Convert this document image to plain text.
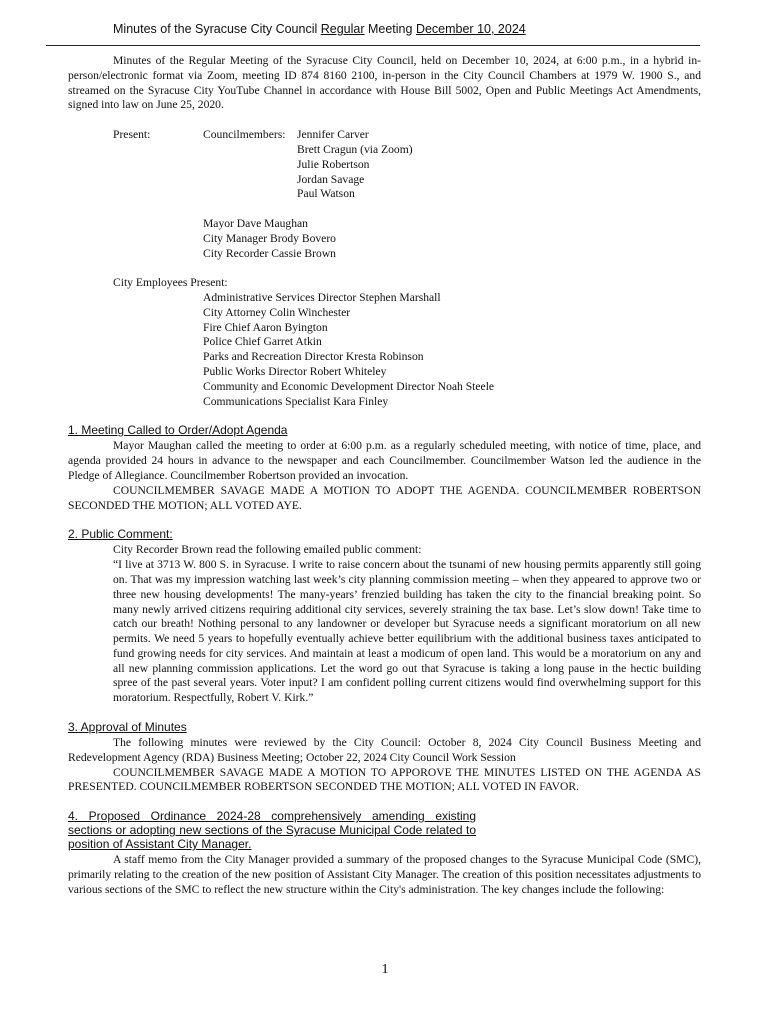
Minutes of the Syracuse City Council Regular Meeting December 10, 2024

Minutes of the Regular Meeting of the Syracuse City Council, held on December 10, 2024, at 6:00 p.m., in a hybrid in-person/electronic format via Zoom, meeting ID 874 8160 2100, in-person in the City Council Chambers at 1979 W. 1900 S., and streamed on the Syracuse City YouTube Channel in accordance with House Bill 5002, Open and Public Meetings Act Amendments, signed into law on June 25, 2020.

Present:	Councilmembers: Jennifer Carver
Brett Cragun (via Zoom)
Julie Robertson
Jordan Savage
Paul Watson
Mayor Dave Maughan
City Manager Brody Bovero
City Recorder Cassie Brown
City Employees Present:
Administrative Services Director Stephen Marshall
City Attorney Colin Winchester
Fire Chief Aaron Byington
Police Chief Garret Atkin
Parks and Recreation Director Kresta Robinson
Public Works Director Robert Whiteley
Community and Economic Development Director Noah Steele
Communications Specialist Kara Finley
1. Meeting Called to Order/Adopt Agenda

Mayor Maughan called the meeting to order at 6:00 p.m. as a regularly scheduled meeting, with notice of time, place, and agenda provided 24 hours in advance to the newspaper and each Councilmember. Councilmember Watson led the audience in the Pledge of Allegiance. Councilmember Robertson provided an invocation.

COUNCILMEMBER SAVAGE MADE A MOTION TO ADOPT THE AGENDA. COUNCILMEMBER ROBERTSON SECONDED THE MOTION; ALL VOTED AYE.

2. Public Comment:

City Recorder Brown read the following emailed public comment:

“I live at 3713 W. 800 S. in Syracuse. I write to raise concern about the tsunami of new housing permits apparently still going on. That was my impression watching last week’s city planning commission meeting – when they appeared to approve two or three new housing developments! The many-years’ frenzied building has taken the city to the financial breaking point. So many newly arrived citizens requiring additional city services, severely straining the tax base. Let’s slow down! Take time to catch our breath! Nothing personal to any landowner or developer but Syracuse needs a significant moratorium on all new permits. We need 5 years to hopefully eventually achieve better equilibrium with the additional business taxes anticipated to fund growing needs for city services. And maintain at least a modicum of open land. This would be a moratorium on any and all new planning commission applications. Let the word go out that Syracuse is taking a long pause in the hectic building spree of the past several years. Voter input? I am confident polling current citizens would find overwhelming support for this moratorium. Respectfully, Robert V. Kirk.”

3. Approval of Minutes

The following minutes were reviewed by the City Council: October 8, 2024 City Council Business Meeting and Redevelopment Agency (RDA) Business Meeting; October 22, 2024 City Council Work Session

COUNCILMEMBER SAVAGE MADE A MOTION TO APPOROVE THE MINUTES LISTED ON THE AGENDA AS PRESENTED. COUNCILMEMBER ROBERTSON SECONDED THE MOTION; ALL VOTED IN FAVOR.

4. Proposed Ordinance 2024-28 comprehensively amending existing sections or adopting new sections of the Syracuse Municipal Code related to position of Assistant City Manager.

A staff memo from the City Manager provided a summary of the proposed changes to the Syracuse Municipal Code (SMC), primarily relating to the creation of the new position of Assistant City Manager. The creation of this position necessitates adjustments to various sections of the SMC to reflect the new structure within the City's administration. The key changes include the following:

1
